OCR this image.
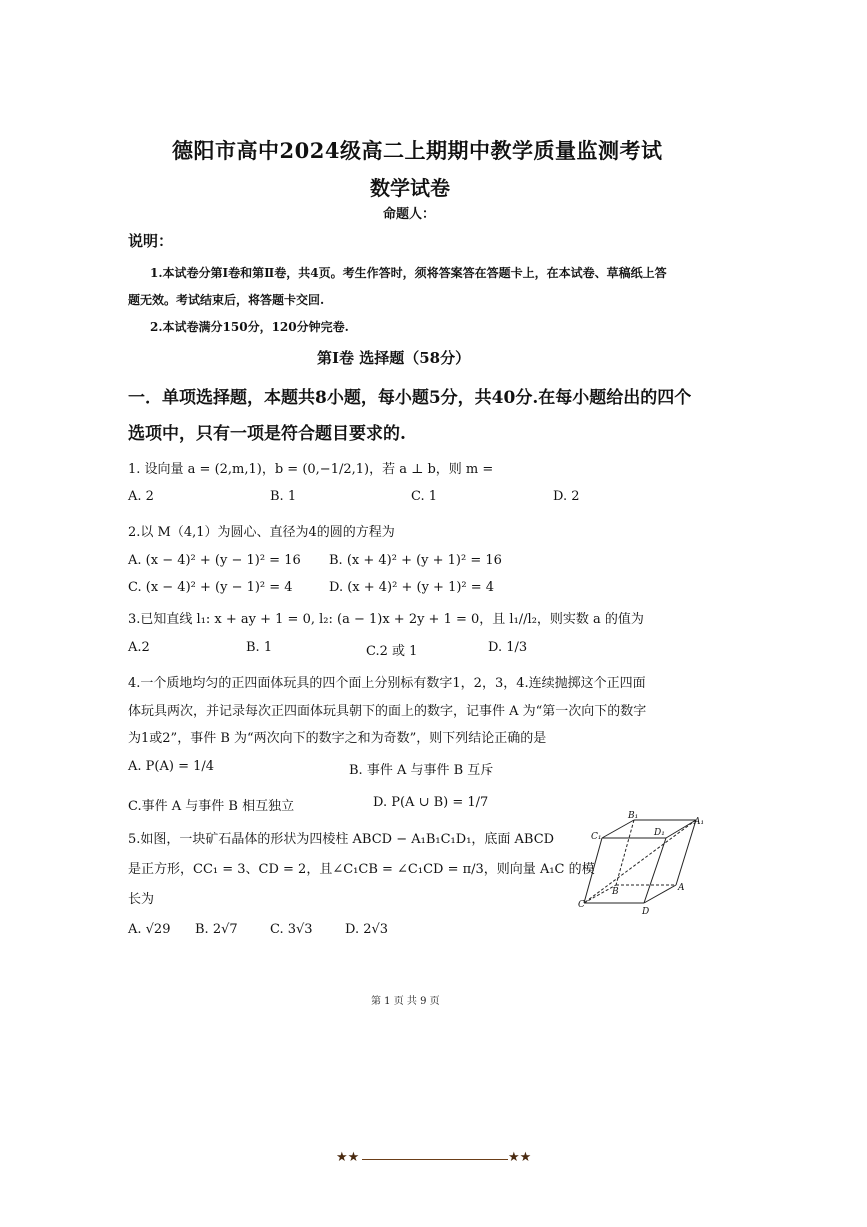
德阳市高中2024级高二上期期中教学质量监测考试
数学试卷
命题人：
说明：
1.本试卷分第Ⅰ卷和第Ⅱ卷，共4页。考生作答时，须将答案答在答题卡上，在本试卷、草稿纸上答
题无效。考试结束后，将答题卡交回.
2.本试卷满分150分，120分钟完卷.
第Ⅰ卷 选择题（58分）
一．单项选择题，本题共8小题，每小题5分，共40分.在每小题给出的四个
选项中，只有一项是符合题目要求的.
1. 设向量 a = (2,m,1)，b = (0,−1/2,1)，若 a ⊥ b，则 m =
A. 2	B. 1	C. 1	D. 2
2.以 M（4,1）为圆心、直径为4的圆的方程为
A. (x − 4)² + (y − 1)² = 16 B. (x + 4)² + (y + 1)² = 16
C. (x − 4)² + (y − 1)² = 4	D. (x + 4)² + (y + 1)² = 4
3.已知直线 l₁: x + ay + 1 = 0, l₂: (a − 1)x + 2y + 1 = 0，且 l₁//l₂，则实数 a 的值为
A.2	B. 1	C.2 或 1	D. 1/3
4.一个质地均匀的正四面体玩具的四个面上分别标有数字1，2，3，4.连续抛掷这个正四面
体玩具两次，并记录每次正四面体玩具朝下的面上的数字，记事件 A 为“第一次向下的数字
为1或2”，事件 B 为“两次向下的数字之和为奇数”，则下列结论正确的是
A. P(A) = 1/4	B. 事件 A 与事件 B 互斥
C.事件 A 与事件 B 相互独立	D. P(A ∪ B) = 1/7
5.如图，一块矿石晶体的形状为四棱柱 ABCD − A₁B₁C₁D₁，底面 ABCD
是正方形，CC₁ = 3、CD = 2，且∠C₁CB = ∠C₁CD = π/3，则向量 A₁C 的模
长为
A. √29 B. 2√7 C. 3√3 D. 2√3
C₁
B₁
D₁
A₁
B	A
C
D
第 1 页 共 9 页
★★	★★
